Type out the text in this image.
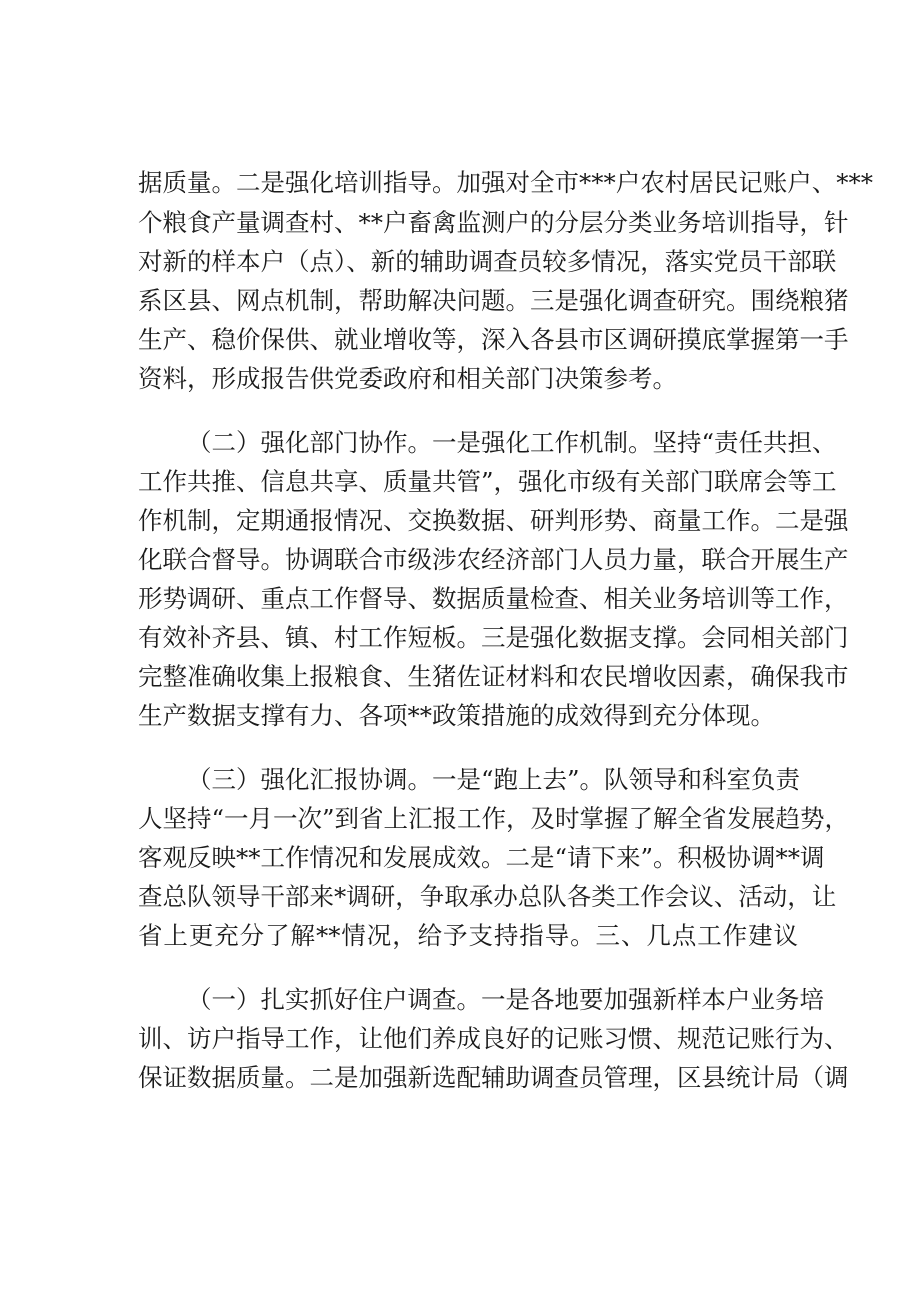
据质量。二是强化培训指导。加强对全市***户农村居民记账户、***
个粮食产量调查村、**户畜禽监测户的分层分类业务培训指导，针
对新的样本户（点）、新的辅助调查员较多情况，落实党员干部联
系区县、网点机制，帮助解决问题。三是强化调查研究。围绕粮猪
生产、稳价保供、就业增收等，深入各县市区调研摸底掌握第一手
资料，形成报告供党委政府和相关部门决策参考。
（二）强化部门协作。一是强化工作机制。坚持“责任共担、
工作共推、信息共享、质量共管”，强化市级有关部门联席会等工
作机制，定期通报情况、交换数据、研判形势、商量工作。二是强
化联合督导。协调联合市级涉农经济部门人员力量，联合开展生产
形势调研、重点工作督导、数据质量检查、相关业务培训等工作，
有效补齐县、镇、村工作短板。三是强化数据支撑。会同相关部门
完整准确收集上报粮食、生猪佐证材料和农民增收因素，确保我市
生产数据支撑有力、各项**政策措施的成效得到充分体现。
（三）强化汇报协调。一是“跑上去”。队领导和科室负责
人坚持“一月一次”到省上汇报工作，及时掌握了解全省发展趋势，
客观反映**工作情况和发展成效。二是“请下来”。积极协调**调
查总队领导干部来*调研，争取承办总队各类工作会议、活动，让
省上更充分了解**情况，给予支持指导。三、几点工作建议
（一）扎实抓好住户调查。一是各地要加强新样本户业务培
训、访户指导工作，让他们养成良好的记账习惯、规范记账行为、
保证数据质量。二是加强新选配辅助调查员管理，区县统计局（调
